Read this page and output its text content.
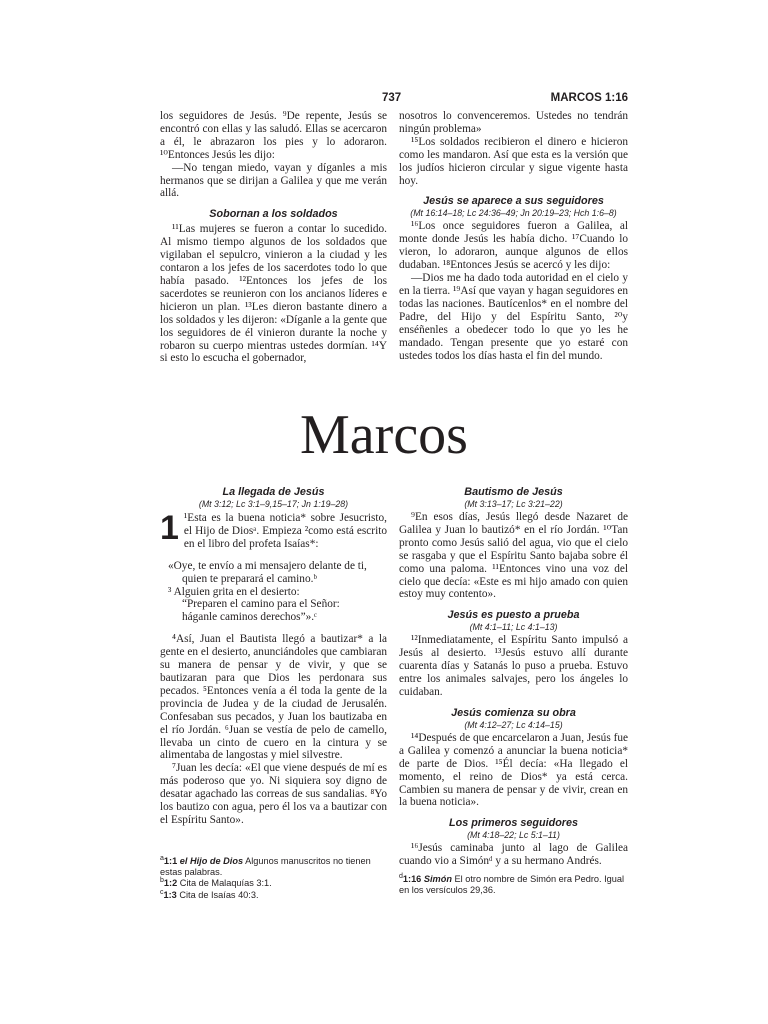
737	MARCOS 1:16

los seguidores de Jesús. ⁹De repente, Jesús se encontró con ellas y las saludó. Ellas se acercaron a él, le abrazaron los pies y lo adoraron. ¹⁰Entonces Jesús les dijo:

—No tengan miedo, vayan y díganles a mis hermanos que se dirijan a Galilea y que me verán allá.

Sobornan a los soldados

¹¹Las mujeres se fueron a contar lo sucedido. Al mismo tiempo algunos de los soldados que vigilaban el sepulcro, vinieron a la ciudad y les contaron a los jefes de los sacerdotes todo lo que había pasado. ¹²Entonces los jefes de los sacerdotes se reunieron con los ancianos líderes e hicieron un plan. ¹³Les dieron bastante dinero a los soldados y les dijeron: «Díganle a la gente que los seguidores de él vinieron durante la noche y robaron su cuerpo mientras ustedes dormían. ¹⁴Y si esto lo escucha el gobernador,

nosotros lo convenceremos. Ustedes no tendrán ningún problema»

¹⁵Los soldados recibieron el dinero e hicieron como les mandaron. Así que esta es la versión que los judíos hicieron circular y sigue vigente hasta hoy.

Jesús se aparece a sus seguidores
(Mt 16:14–18; Lc 24:36–49; Jn 20:19–23; Hch 1:6–8)

¹⁶Los once seguidores fueron a Galilea, al monte donde Jesús les había dicho. ¹⁷Cuando lo vieron, lo adoraron, aunque algunos de ellos dudaban. ¹⁸Entonces Jesús se acercó y les dijo:

—Dios me ha dado toda autoridad en el cielo y en la tierra. ¹⁹Así que vayan y hagan seguidores en todas las naciones. Bautícenlos* en el nombre del Padre, del Hijo y del Espíritu Santo, ²⁰y enséñenles a obedecer todo lo que yo les he mandado. Tengan presente que yo estaré con ustedes todos los días hasta el fin del mundo.

Marcos
La llegada de Jesús
(Mt 3:12; Lc 3:1–9,15–17; Jn 1:19–28)

1 ¹Esta es la buena noticia* sobre Jesucristo, el Hijo de Diosᵃ. Empieza ²como está escrito en el libro del profeta Isaías*:

«Oye, te envío a mi mensajero delante de ti,
quien te preparará el camino.ᵇ
³ Alguien grita en el desierto:
“Preparen el camino para el Señor:
háganle caminos derechos”».ᶜ

⁴Así, Juan el Bautista llegó a bautizar* a la gente en el desierto, anunciándoles que cambiaran su manera de pensar y de vivir, y que se bautizaran para que Dios les perdonara sus pecados. ⁵Entonces venía a él toda la gente de la provincia de Judea y de la ciudad de Jerusalén. Confesaban sus pecados, y Juan los bautizaba en el río Jordán. ⁶Juan se vestía de pelo de camello, llevaba un cinto de cuero en la cintura y se alimentaba de langostas y miel silvestre.

⁷Juan les decía: «El que viene después de mí es más poderoso que yo. Ni siquiera soy digno de desatar agachado las correas de sus sandalias. ⁸Yo los bautizo con agua, pero él los va a bautizar con el Espíritu Santo».

Bautismo de Jesús
(Mt 3:13–17; Lc 3:21–22)

⁹En esos días, Jesús llegó desde Nazaret de Galilea y Juan lo bautizó* en el río Jordán. ¹⁰Tan pronto como Jesús salió del agua, vio que el cielo se rasgaba y que el Espíritu Santo bajaba sobre él como una paloma. ¹¹Entonces vino una voz del cielo que decía: «Este es mi hijo amado con quien estoy muy contento».

Jesús es puesto a prueba
(Mt 4:1–11; Lc 4:1–13)

¹²Inmediatamente, el Espíritu Santo impulsó a Jesús al desierto. ¹³Jesús estuvo allí durante cuarenta días y Satanás lo puso a prueba. Estuvo entre los animales salvajes, pero los ángeles lo cuidaban.

Jesús comienza su obra
(Mt 4:12–27; Lc 4:14–15)

¹⁴Después de que encarcelaron a Juan, Jesús fue a Galilea y comenzó a anunciar la buena noticia* de parte de Dios. ¹⁵Él decía: «Ha llegado el momento, el reino de Dios* ya está cerca. Cambien su manera de pensar y de vivir, crean en la buena noticia».

Los primeros seguidores
(Mt 4:18–22; Lc 5:1–11)

¹⁶Jesús caminaba junto al lago de Galilea cuando vio a Simónᵈ y a su hermano Andrés.

$^a$1:1 el Hijo de Dios Algunos manuscritos no tienen estas palabras.

$^b$1:2 Cita de Malaquías 3:1.

$^c$1:3 Cita de Isaías 40:3.

$^d$1:16 Simón El otro nombre de Simón era Pedro. Igual en los versículos 29,36.
